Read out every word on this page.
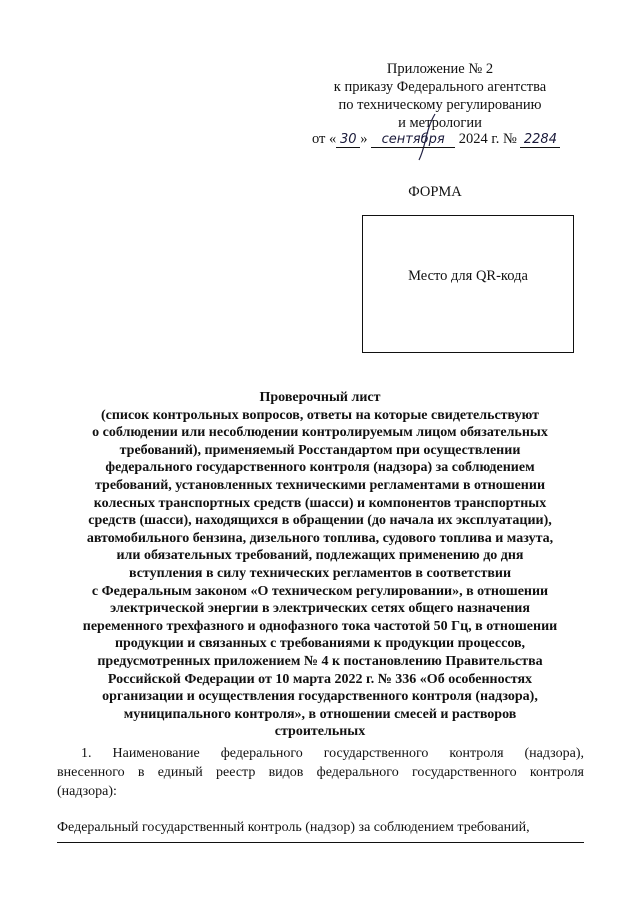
Приложение № 2
к приказу Федерального агентства
по техническому регулированию
и метрологии
от « 30 » сентября 2024 г. № 2284
ФОРМА
Место для QR-кода
Проверочный лист
(список контрольных вопросов, ответы на которые свидетельствуют
о соблюдении или несоблюдении контролируемым лицом обязательных
требований), применяемый Росстандартом при осуществлении
федерального государственного контроля (надзора) за соблюдением
требований, установленных техническими регламентами в отношении
колесных транспортных средств (шасси) и компонентов транспортных
средств (шасси), находящихся в обращении (до начала их эксплуатации),
автомобильного бензина, дизельного топлива, судового топлива и мазута,
или обязательных требований, подлежащих применению до дня
вступления в силу технических регламентов в соответствии
с Федеральным законом «О техническом регулировании», в отношении
электрической энергии в электрических сетях общего назначения
переменного трехфазного и однофазного тока частотой 50 Гц, в отношении
продукции и связанных с требованиями к продукции процессов,
предусмотренных приложением № 4 к постановлению Правительства
Российской Федерации от 10 марта 2022 г. № 336 «Об особенностях
организации и осуществления государственного контроля (надзора),
муниципального контроля», в отношении смесей и растворов
строительных
1. Наименование федерального государственного контроля (надзора),
внесенного в единый реестр видов федерального государственного контроля
(надзора):
Федеральный государственный контроль (надзор) за соблюдением требований,
